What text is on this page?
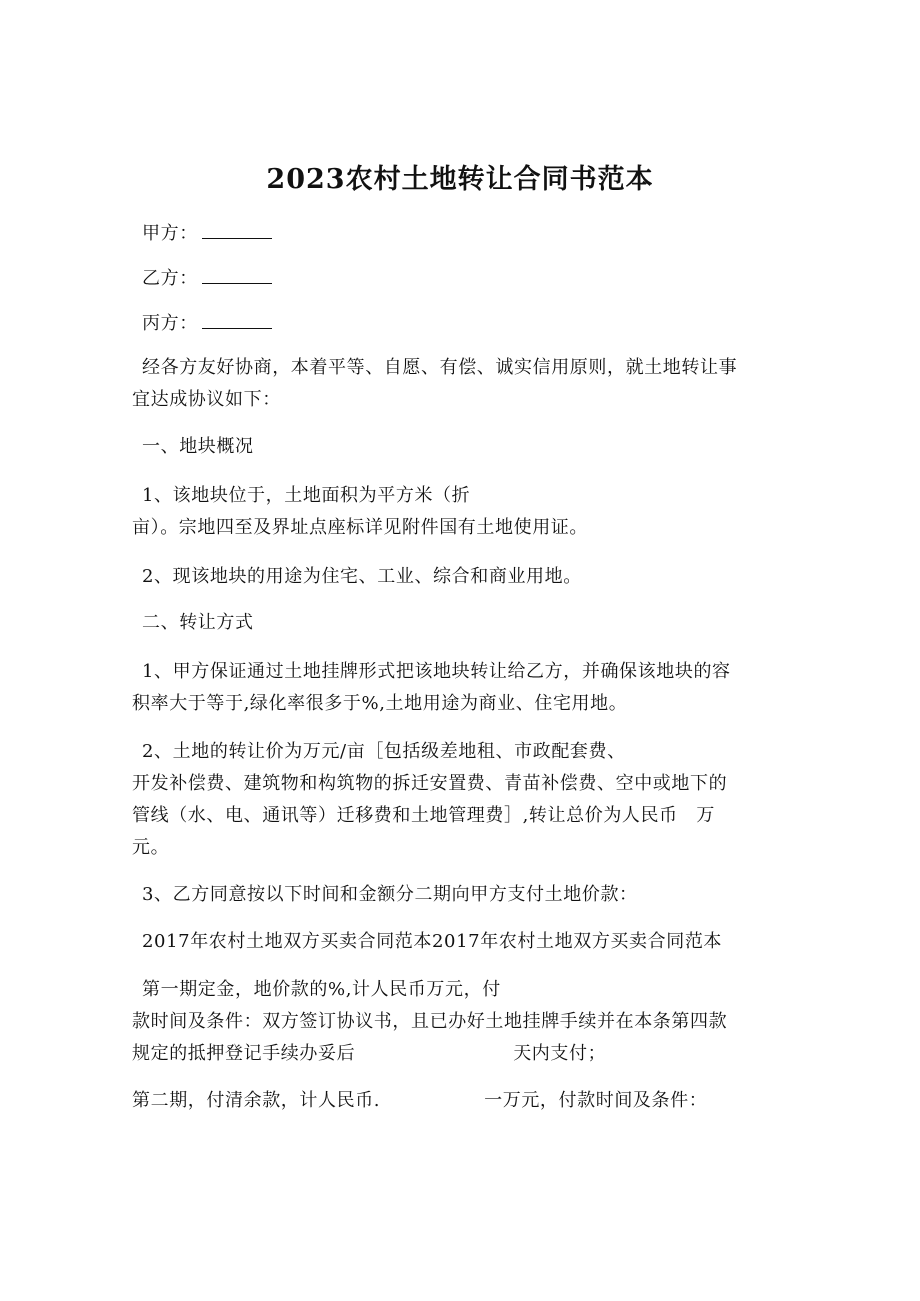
2023农村土地转让合同书范本
甲方：
乙方：
丙方：
经各方友好协商，本着平等、自愿、有偿、诚实信用原则，就土地转让事
宜达成协议如下：
一、地块概况
1、该地块位于，土地面积为平方米（折
亩）。宗地四至及界址点座标详见附件国有土地使用证。
2、现该地块的用途为住宅、工业、综合和商业用地。
二、转让方式
1、甲方保证通过土地挂牌形式把该地块转让给乙方，并确保该地块的容
积率大于等于,绿化率很多于%,土地用途为商业、住宅用地。
2、土地的转让价为万元/亩［包括级差地租、市政配套费、
开发补偿费、建筑物和构筑物的拆迁安置费、青苗补偿费、空中或地下的
管线（水、电、通讯等）迁移费和土地管理费］,转让总价为人民币　万
元。
3、乙方同意按以下时间和金额分二期向甲方支付土地价款：
2017年农村土地双方买卖合同范本2017年农村土地双方买卖合同范本
第一期定金，地价款的%,计人民币万元，付
款时间及条件：双方签订协议书，且已办好土地挂牌手续并在本条第四款
规定的抵押登记手续办妥后	天内支付；
第二期，付清余款，计人民币.	一万元，付款时间及条件：
